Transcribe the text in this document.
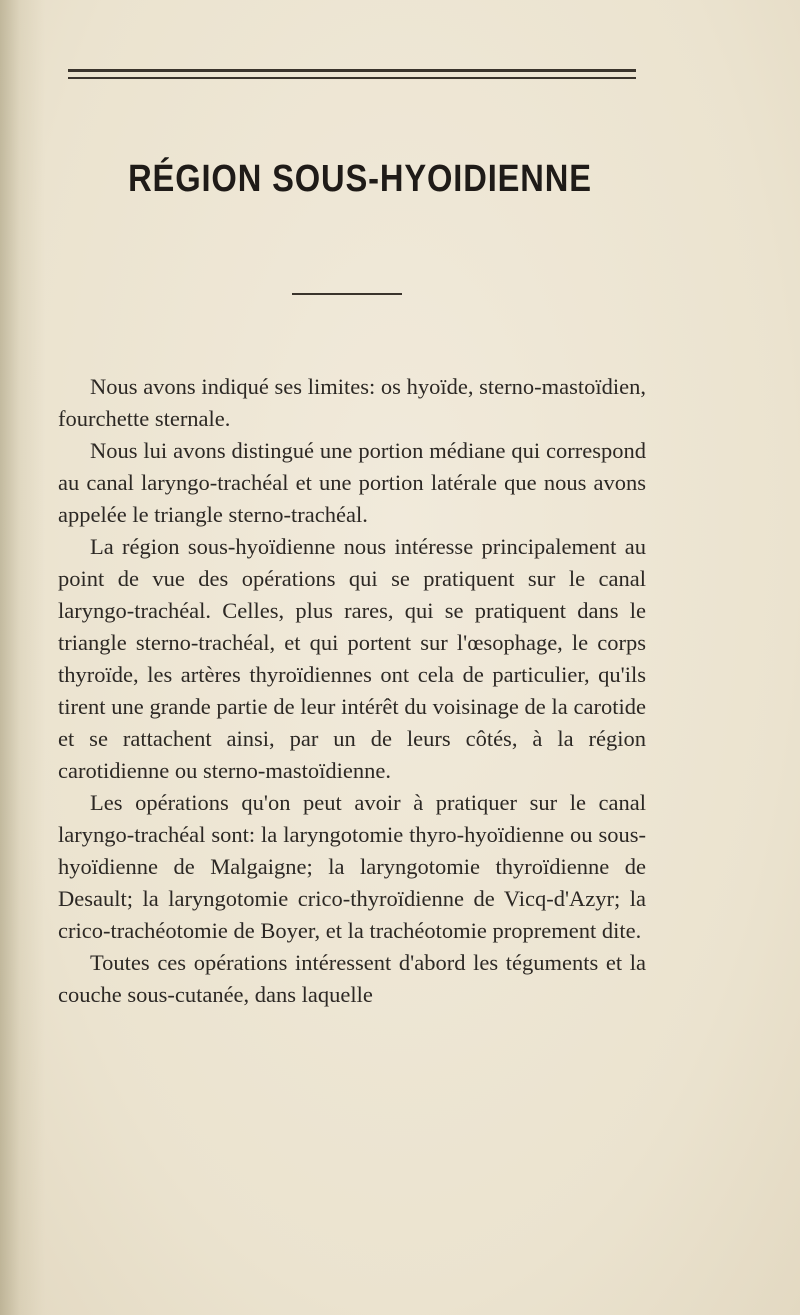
RÉGION SOUS-HYOIDIENNE

Nous avons indiqué ses limites: os hyoïde, sterno-mastoïdien, fourchette sternale.

Nous lui avons distingué une portion médiane qui correspond au canal laryngo-trachéal et une portion latérale que nous avons appelée le triangle sterno-trachéal.

La région sous-hyoïdienne nous intéresse principalement au point de vue des opérations qui se pratiquent sur le canal laryngo-trachéal. Celles, plus rares, qui se pratiquent dans le triangle sterno-trachéal, et qui portent sur l'œsophage, le corps thyroïde, les artères thyroïdiennes ont cela de particulier, qu'ils tirent une grande partie de leur intérêt du voisinage de la carotide et se rattachent ainsi, par un de leurs côtés, à la région carotidienne ou sterno-mastoïdienne.

Les opérations qu'on peut avoir à pratiquer sur le canal laryngo-trachéal sont: la laryngotomie thyro-hyoïdienne ou sous-hyoïdienne de Malgaigne; la laryngotomie thyroïdienne de Desault; la laryngotomie crico-thyroïdienne de Vicq-d'Azyr; la crico-trachéotomie de Boyer, et la trachéotomie proprement dite.

Toutes ces opérations intéressent d'abord les téguments et la couche sous-cutanée, dans laquelle
